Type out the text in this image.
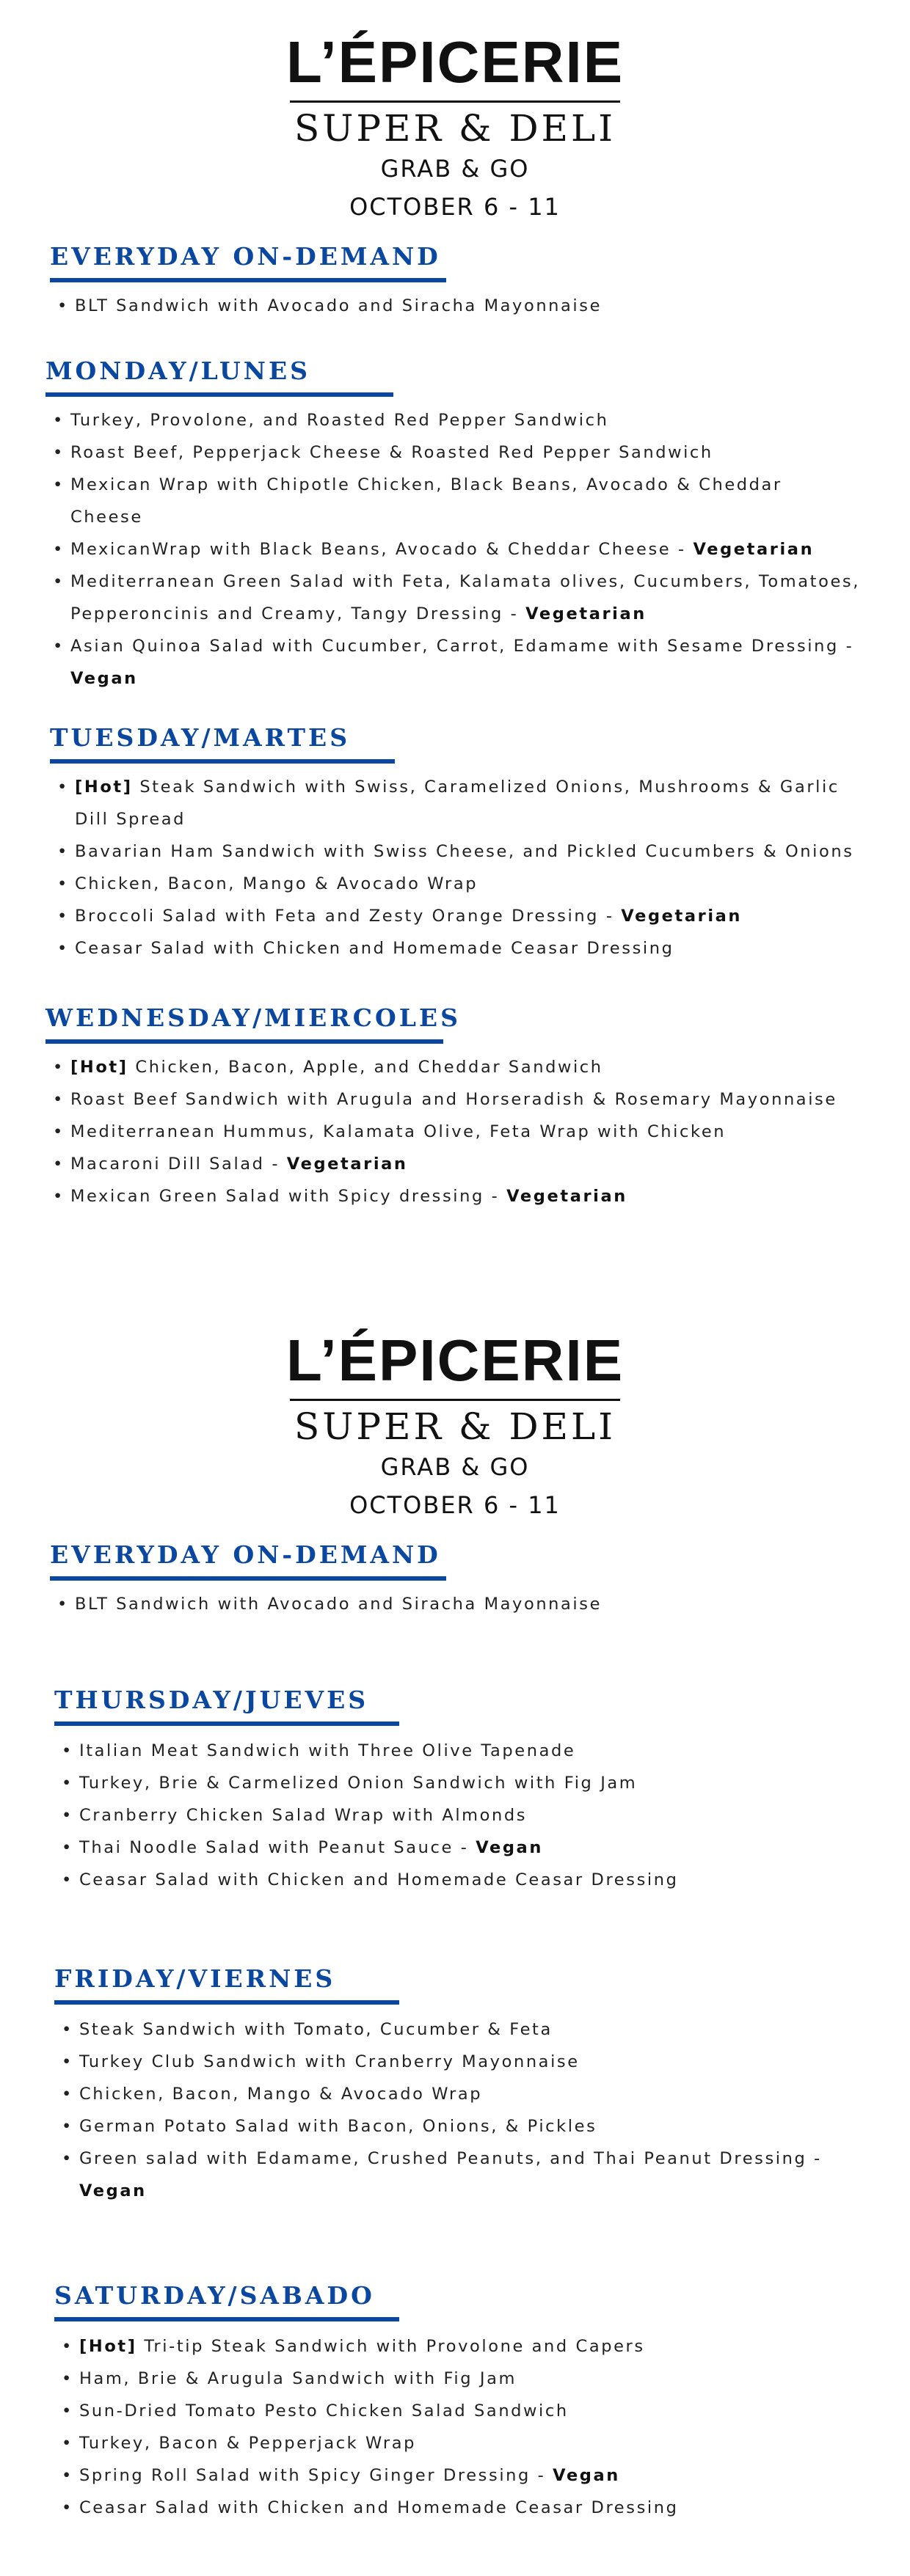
L’ÉPICERIE
SUPER & DELI
GRAB & GO
OCTOBER 6 - 11
EVERYDAY ON-DEMAND
• BLT Sandwich with Avocado and Siracha Mayonnaise
MONDAY/LUNES
• Turkey, Provolone, and Roasted Red Pepper Sandwich
• Roast Beef, Pepperjack Cheese & Roasted Red Pepper Sandwich
• Mexican Wrap with Chipotle Chicken, Black Beans, Avocado & Cheddar Cheese
• MexicanWrap with Black Beans, Avocado & Cheddar Cheese - Vegetarian
• Mediterranean Green Salad with Feta, Kalamata olives, Cucumbers, Tomatoes, Pepperoncinis and Creamy, Tangy Dressing - Vegetarian
• Asian Quinoa Salad with Cucumber, Carrot, Edamame with Sesame Dressing - Vegan
TUESDAY/MARTES
• [Hot] Steak Sandwich with Swiss, Caramelized Onions, Mushrooms & Garlic Dill Spread
• Bavarian Ham Sandwich with Swiss Cheese, and Pickled Cucumbers & Onions
• Chicken, Bacon, Mango & Avocado Wrap
• Broccoli Salad with Feta and Zesty Orange Dressing - Vegetarian
• Ceasar Salad with Chicken and Homemade Ceasar Dressing
WEDNESDAY/MIERCOLES
• [Hot] Chicken, Bacon, Apple, and Cheddar Sandwich
• Roast Beef Sandwich with Arugula and Horseradish & Rosemary Mayonnaise
• Mediterranean Hummus, Kalamata Olive, Feta Wrap with Chicken
• Macaroni Dill Salad - Vegetarian
• Mexican Green Salad with Spicy dressing - Vegetarian
L’ÉPICERIE
SUPER & DELI
GRAB & GO
OCTOBER 6 - 11
EVERYDAY ON-DEMAND
• BLT Sandwich with Avocado and Siracha Mayonnaise
THURSDAY/JUEVES
• Italian Meat Sandwich with Three Olive Tapenade
• Turkey, Brie & Carmelized Onion Sandwich with Fig Jam
• Cranberry Chicken Salad Wrap with Almonds
• Thai Noodle Salad with Peanut Sauce - Vegan
• Ceasar Salad with Chicken and Homemade Ceasar Dressing
FRIDAY/VIERNES
• Steak Sandwich with Tomato, Cucumber & Feta
• Turkey Club Sandwich with Cranberry Mayonnaise
• Chicken, Bacon, Mango & Avocado Wrap
• German Potato Salad with Bacon, Onions, & Pickles
• Green salad with Edamame, Crushed Peanuts, and Thai Peanut Dressing - Vegan
SATURDAY/SABADO
• [Hot] Tri-tip Steak Sandwich with Provolone and Capers
• Ham, Brie & Arugula Sandwich with Fig Jam
• Sun-Dried Tomato Pesto Chicken Salad Sandwich
• Turkey, Bacon & Pepperjack Wrap
• Spring Roll Salad with Spicy Ginger Dressing - Vegan
• Ceasar Salad with Chicken and Homemade Ceasar Dressing
